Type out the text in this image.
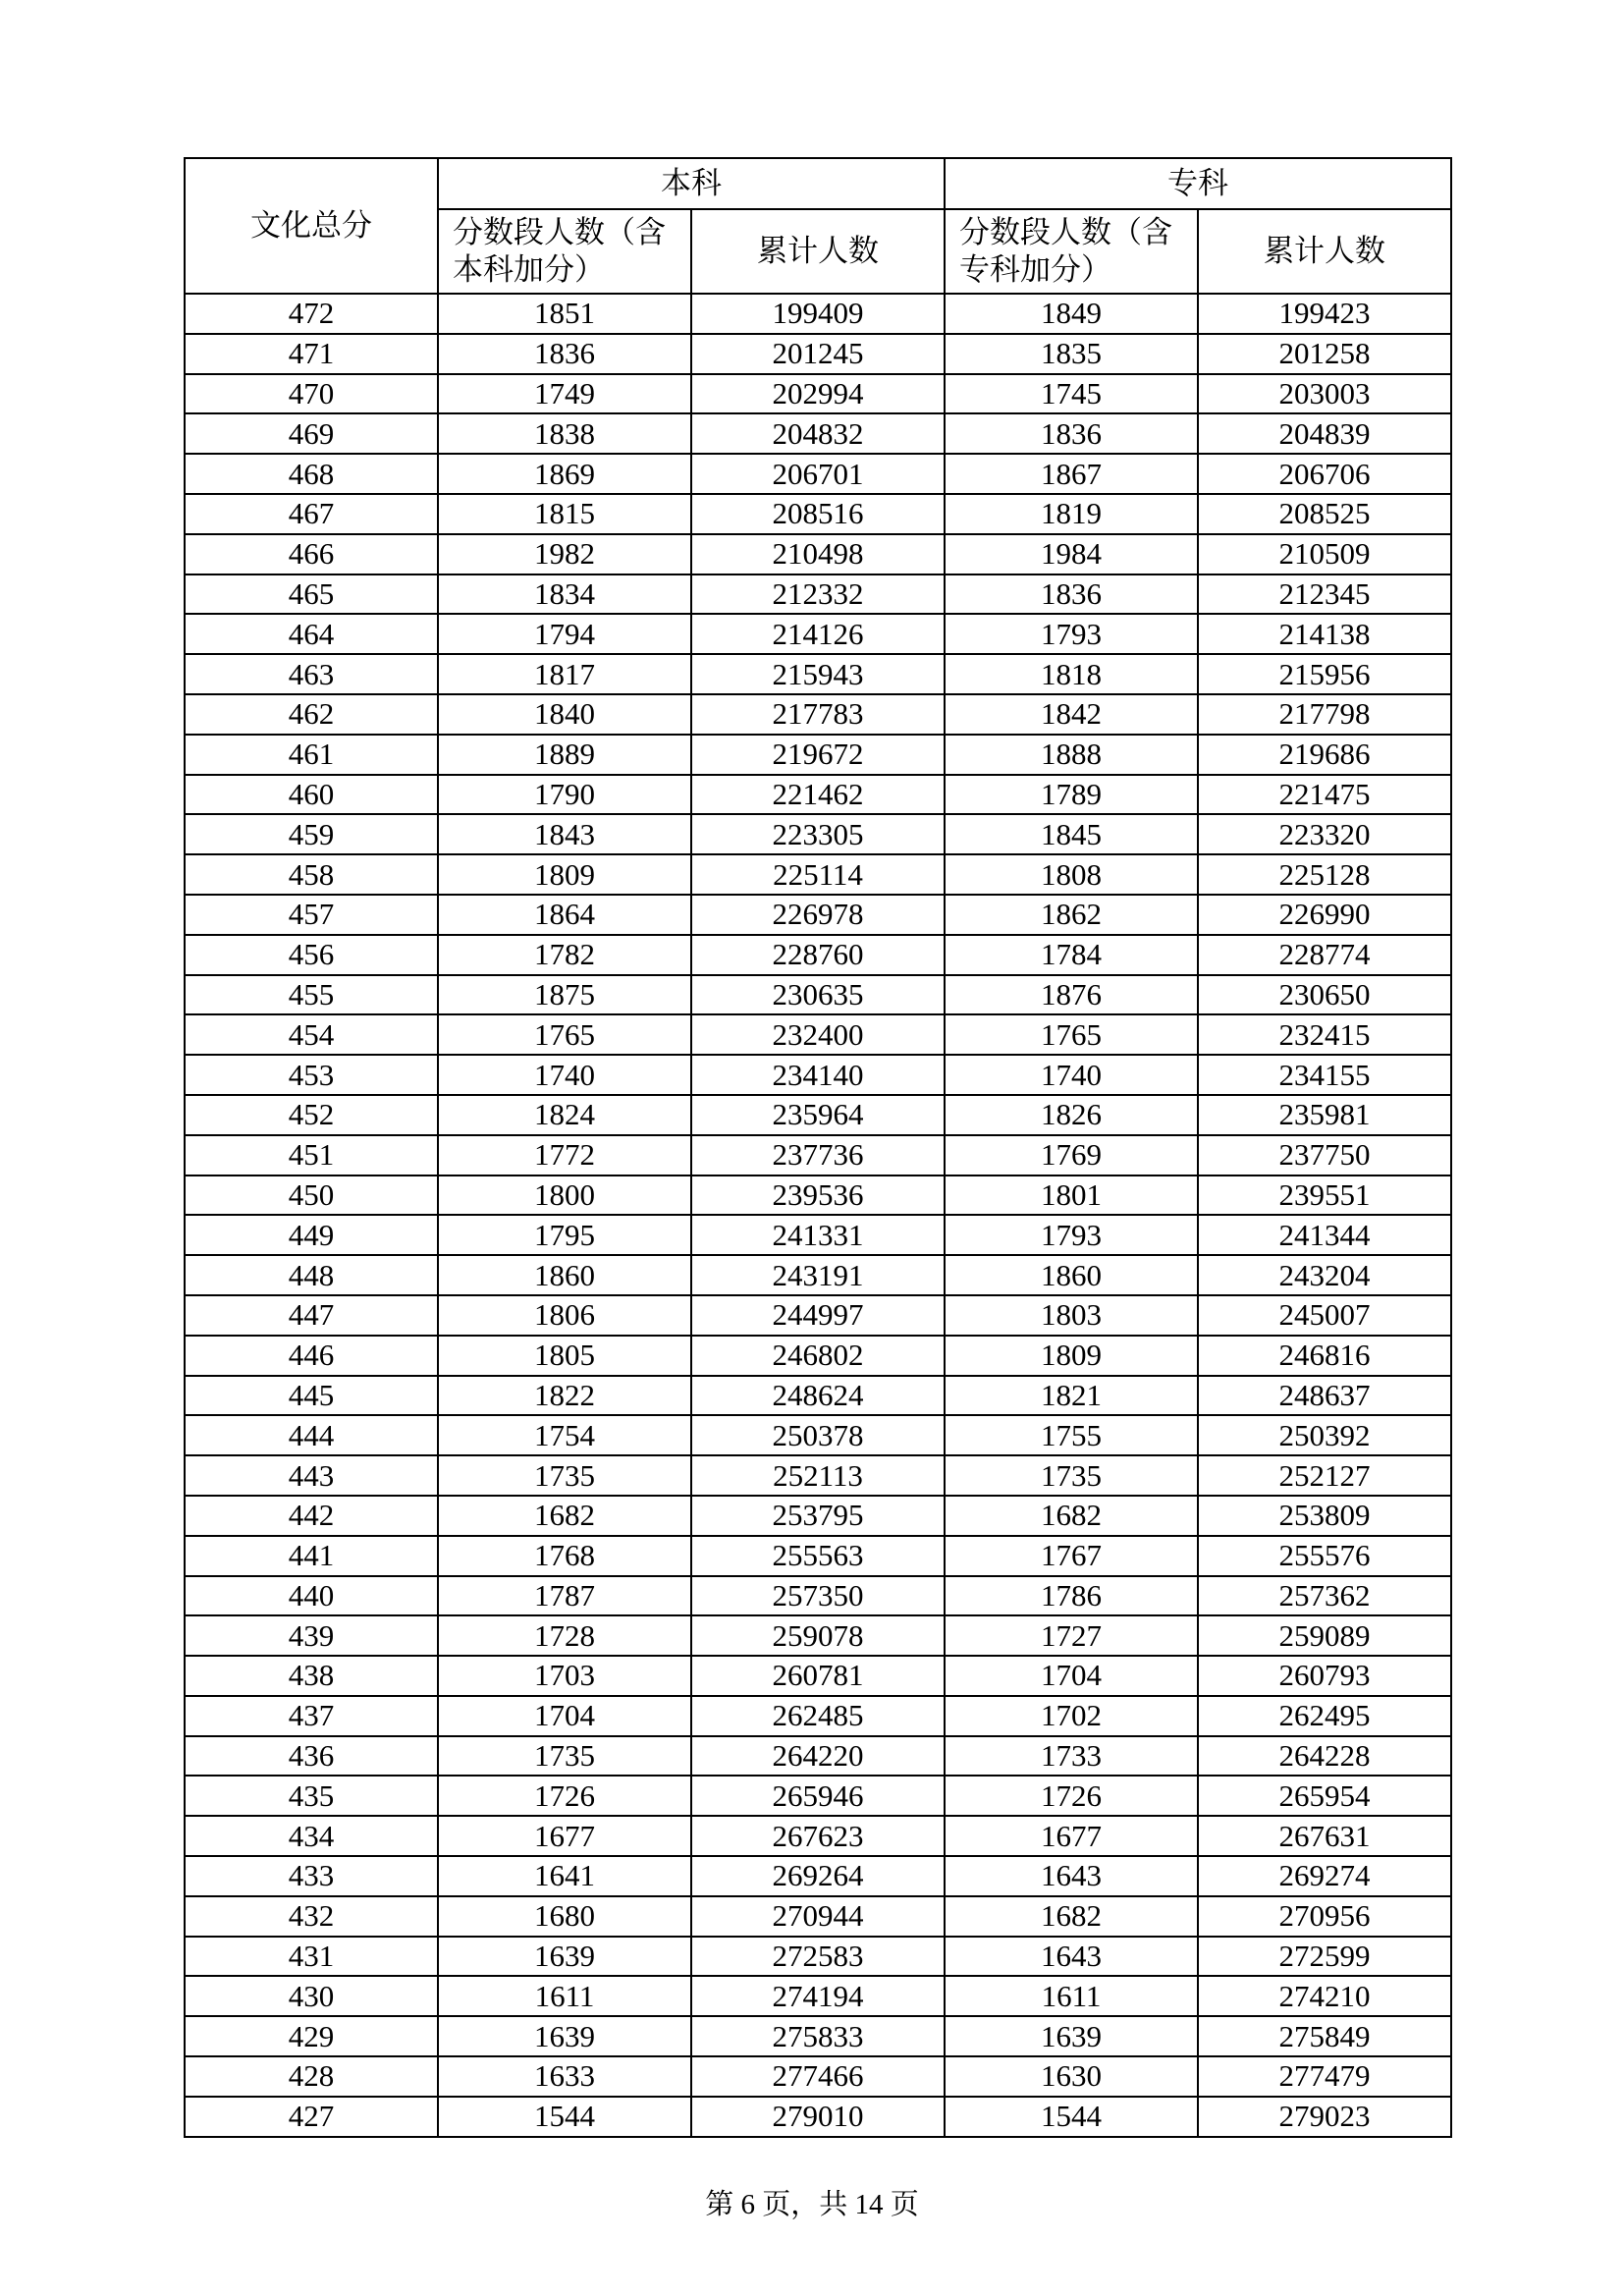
文化总分	本科		专科	
	分数段人数（含本科加分）	累计人数	分数段人数（含专科加分）	累计人数
472	1851	199409	1849	199423
471	1836	201245	1835	201258
470	1749	202994	1745	203003
469	1838	204832	1836	204839
468	1869	206701	1867	206706
467	1815	208516	1819	208525
466	1982	210498	1984	210509
465	1834	212332	1836	212345
464	1794	214126	1793	214138
463	1817	215943	1818	215956
462	1840	217783	1842	217798
461	1889	219672	1888	219686
460	1790	221462	1789	221475
459	1843	223305	1845	223320
458	1809	225114	1808	225128
457	1864	226978	1862	226990
456	1782	228760	1784	228774
455	1875	230635	1876	230650
454	1765	232400	1765	232415
453	1740	234140	1740	234155
452	1824	235964	1826	235981
451	1772	237736	1769	237750
450	1800	239536	1801	239551
449	1795	241331	1793	241344
448	1860	243191	1860	243204
447	1806	244997	1803	245007
446	1805	246802	1809	246816
445	1822	248624	1821	248637
444	1754	250378	1755	250392
443	1735	252113	1735	252127
442	1682	253795	1682	253809
441	1768	255563	1767	255576
440	1787	257350	1786	257362
439	1728	259078	1727	259089
438	1703	260781	1704	260793
437	1704	262485	1702	262495
436	1735	264220	1733	264228
435	1726	265946	1726	265954
434	1677	267623	1677	267631
433	1641	269264	1643	269274
432	1680	270944	1682	270956
431	1639	272583	1643	272599
430	1611	274194	1611	274210
429	1639	275833	1639	275849
428	1633	277466	1630	277479
427	1544	279010	1544	279023
第 6 页，共 14 页
